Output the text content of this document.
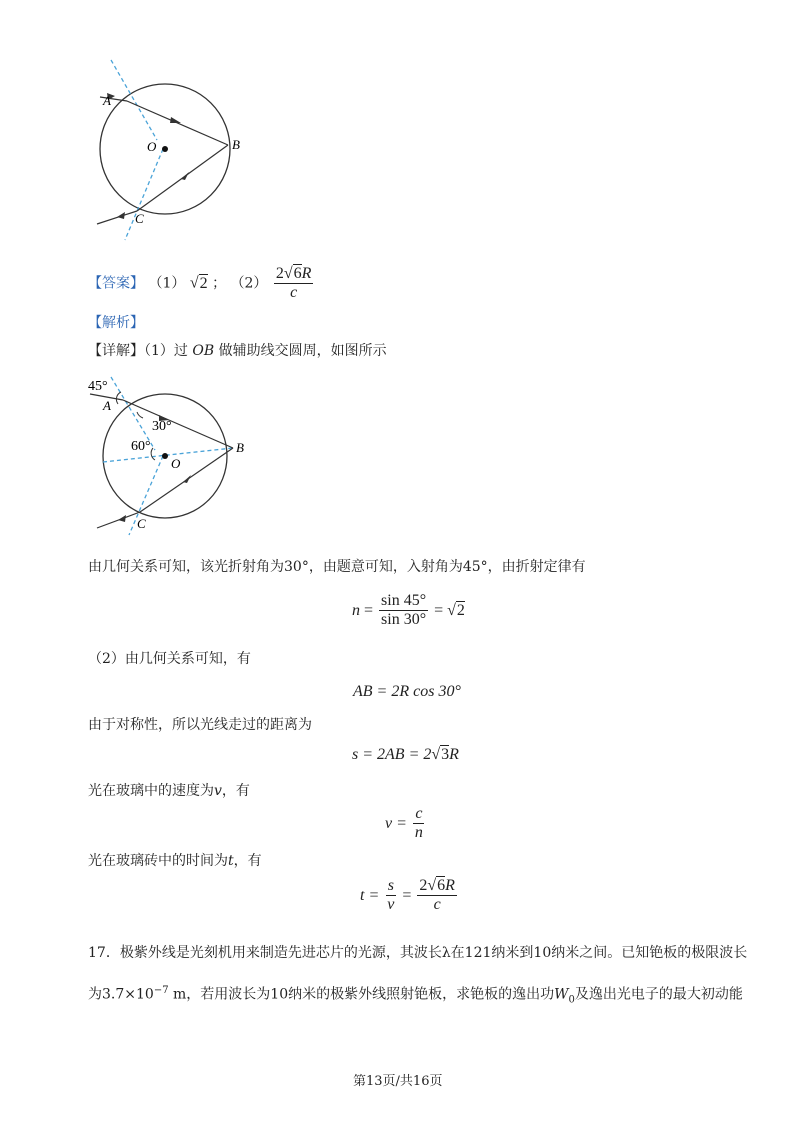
A
B
C
O
【答案】 （1） √2 ； $(2) \frac{2√6R}{c}$
【解析】
【详解】（1）过 OB 做辅助线交圆周，如图所示
45°
30°
60°
A
B
C
O
由几何关系可知，该光折射角为30°，由题意可知，入射角为45°，由折射定律有
$n = \frac{\sin 45^\circ}{\sin 30^\circ}$ = √ 2
（2）由几何关系可知，有
AB = 2R cos 30°
由于对称性，所以光线走过的距离为
s = 2AB = 2√3R
光在玻璃中的速度为v，有
v =
$\frac{c}{n}$
光在玻璃砖中的时间为t，有
t =
$\frac{s}{v}$
=
$\frac{2√6R}{c}$
17．极紫外线是光刻机用来制造先进芯片的光源，其波长λ在121纳米到10纳米之间。已知铯板的极限波长
为$3.7\times 10^{-7}$ m，若用波长为10纳米的极紫外线照射铯板，求铯板的逸出功$W_0$及逸出光电子的最大初动能
第13页/共16页
